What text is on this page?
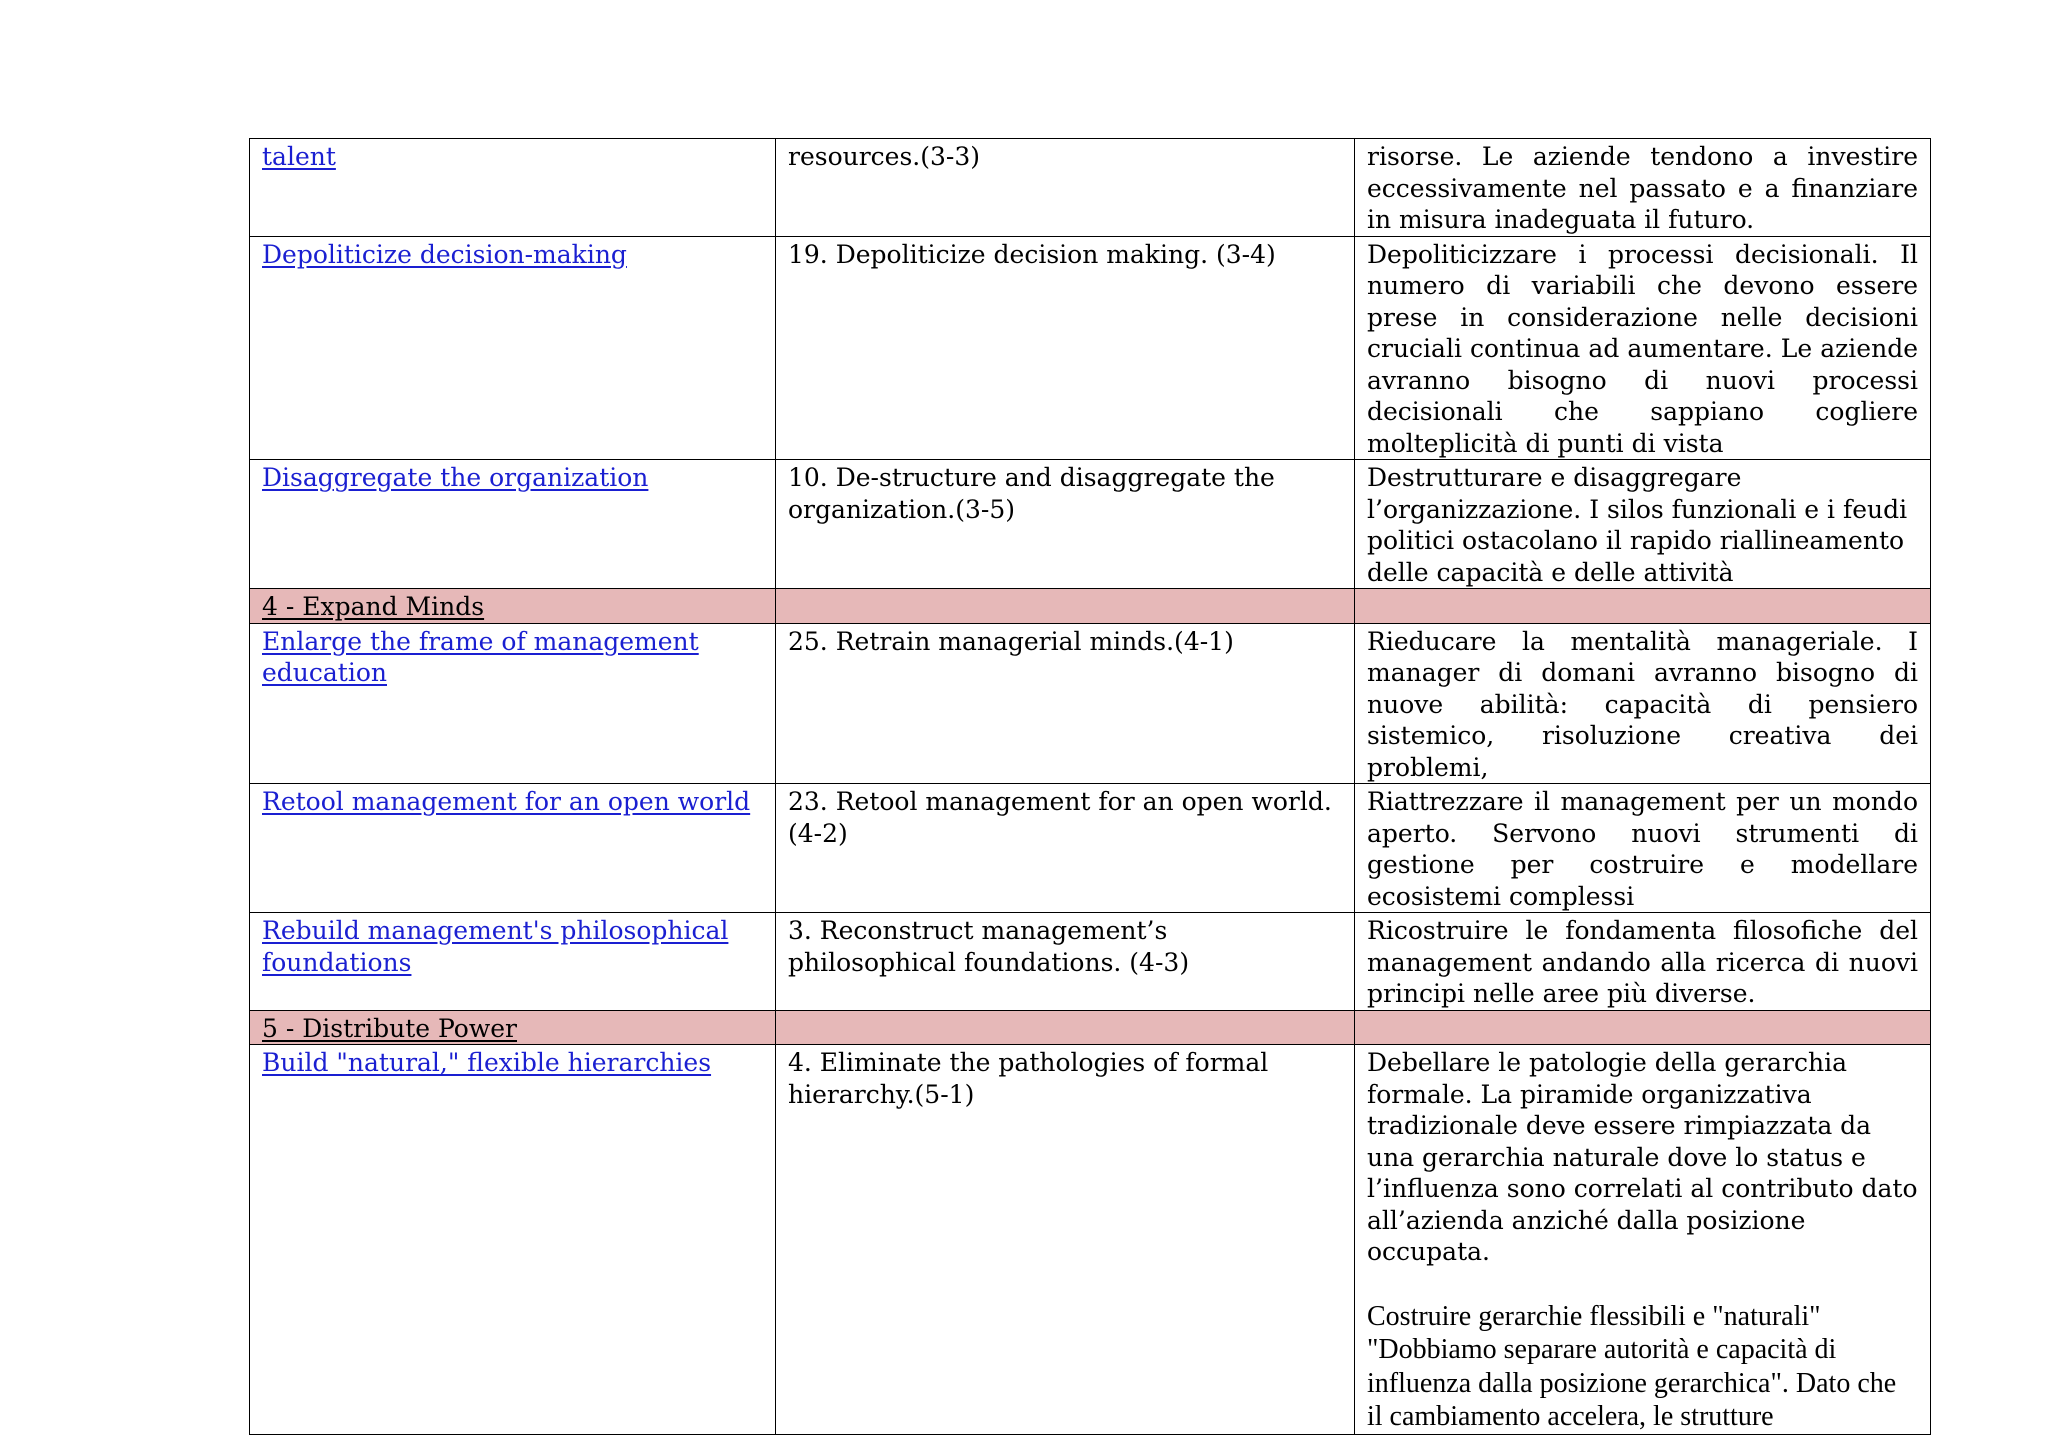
talent	resources.(3-3)	risorse. Le aziende tendono a investire eccessivamente nel passato e a finanziare in misura inadeguata il futuro.
Depoliticize decision-making	19. Depoliticize decision making. (3-4)	Depoliticizzare i processi decisionali. Il numero di variabili che devono essere prese in considerazione nelle decisioni cruciali continua ad aumentare. Le aziende avranno bisogno di nuovi processi decisionali che sappiano cogliere molteplicità di punti di vista
Disaggregate the organization	10. De-structure and disaggregate the organization.(3-5)	Destrutturare e disaggregare l’organizzazione. I silos funzionali e i feudi politici ostacolano il rapido riallineamento delle capacità e delle attività
4 - Expand Minds		
Enlarge the frame of management education	25. Retrain managerial minds.(4-1)	Rieducare la mentalità manageriale. I manager di domani avranno bisogno di nuove abilità: capacità di pensiero sistemico, risoluzione creativa dei problemi,
Retool management for an open world	23. Retool management for an open world.(4-2)	Riattrezzare il management per un mondo aperto. Servono nuovi strumenti di gestione per costruire e modellare ecosistemi complessi
Rebuild management's philosophical foundations	3. Reconstruct management’s philosophical foundations. (4-3)	Ricostruire le fondamenta filosofiche del management andando alla ricerca di nuovi principi nelle aree più diverse.
5 - Distribute Power		
Build "natural," flexible hierarchies	4. Eliminate the pathologies of formal hierarchy.(5-1)	Debellare le patologie della gerarchia formale. La piramide organizzativa tradizionale deve essere rimpiazzata da una gerarchia naturale dove lo status e l’influenza sono correlati al contributo dato all’azienda anziché dalla posizione occupata.
Costruire gerarchie flessibili e "naturali" "Dobbiamo separare autorità e capacità di influenza dalla posizione gerarchica". Dato che il cambiamento accelera, le strutture
